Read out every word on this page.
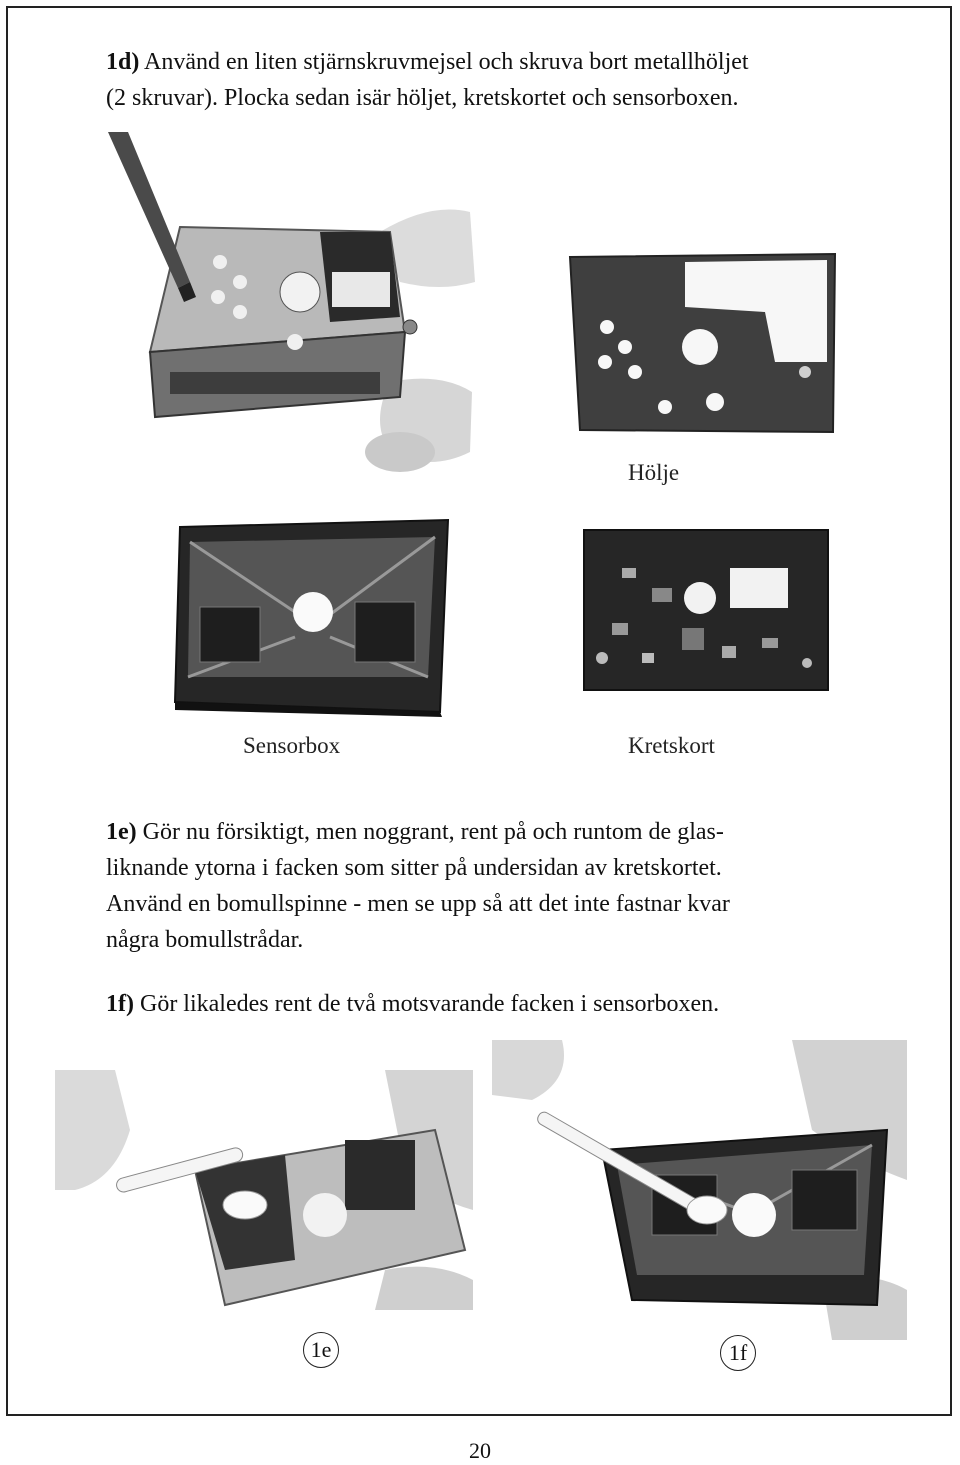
1d) Använd en liten stjärnskruvmejsel och skruva bort metallhöljet
(2 skruvar). Plocka sedan isär höljet, kretskortet och sensorboxen.

Hölje
Sensorbox	Kretskort

1e) Gör nu försiktigt, men noggrant, rent på och runtom de glas-
liknande ytorna i facken som sitter på undersidan av kretskortet.
Använd en bomullspinne - men se upp så att det inte fastnar kvar
några bomullstrådar.

1f) Gör likaledes rent de två motsvarande facken i sensorboxen.

1e	1f
20
